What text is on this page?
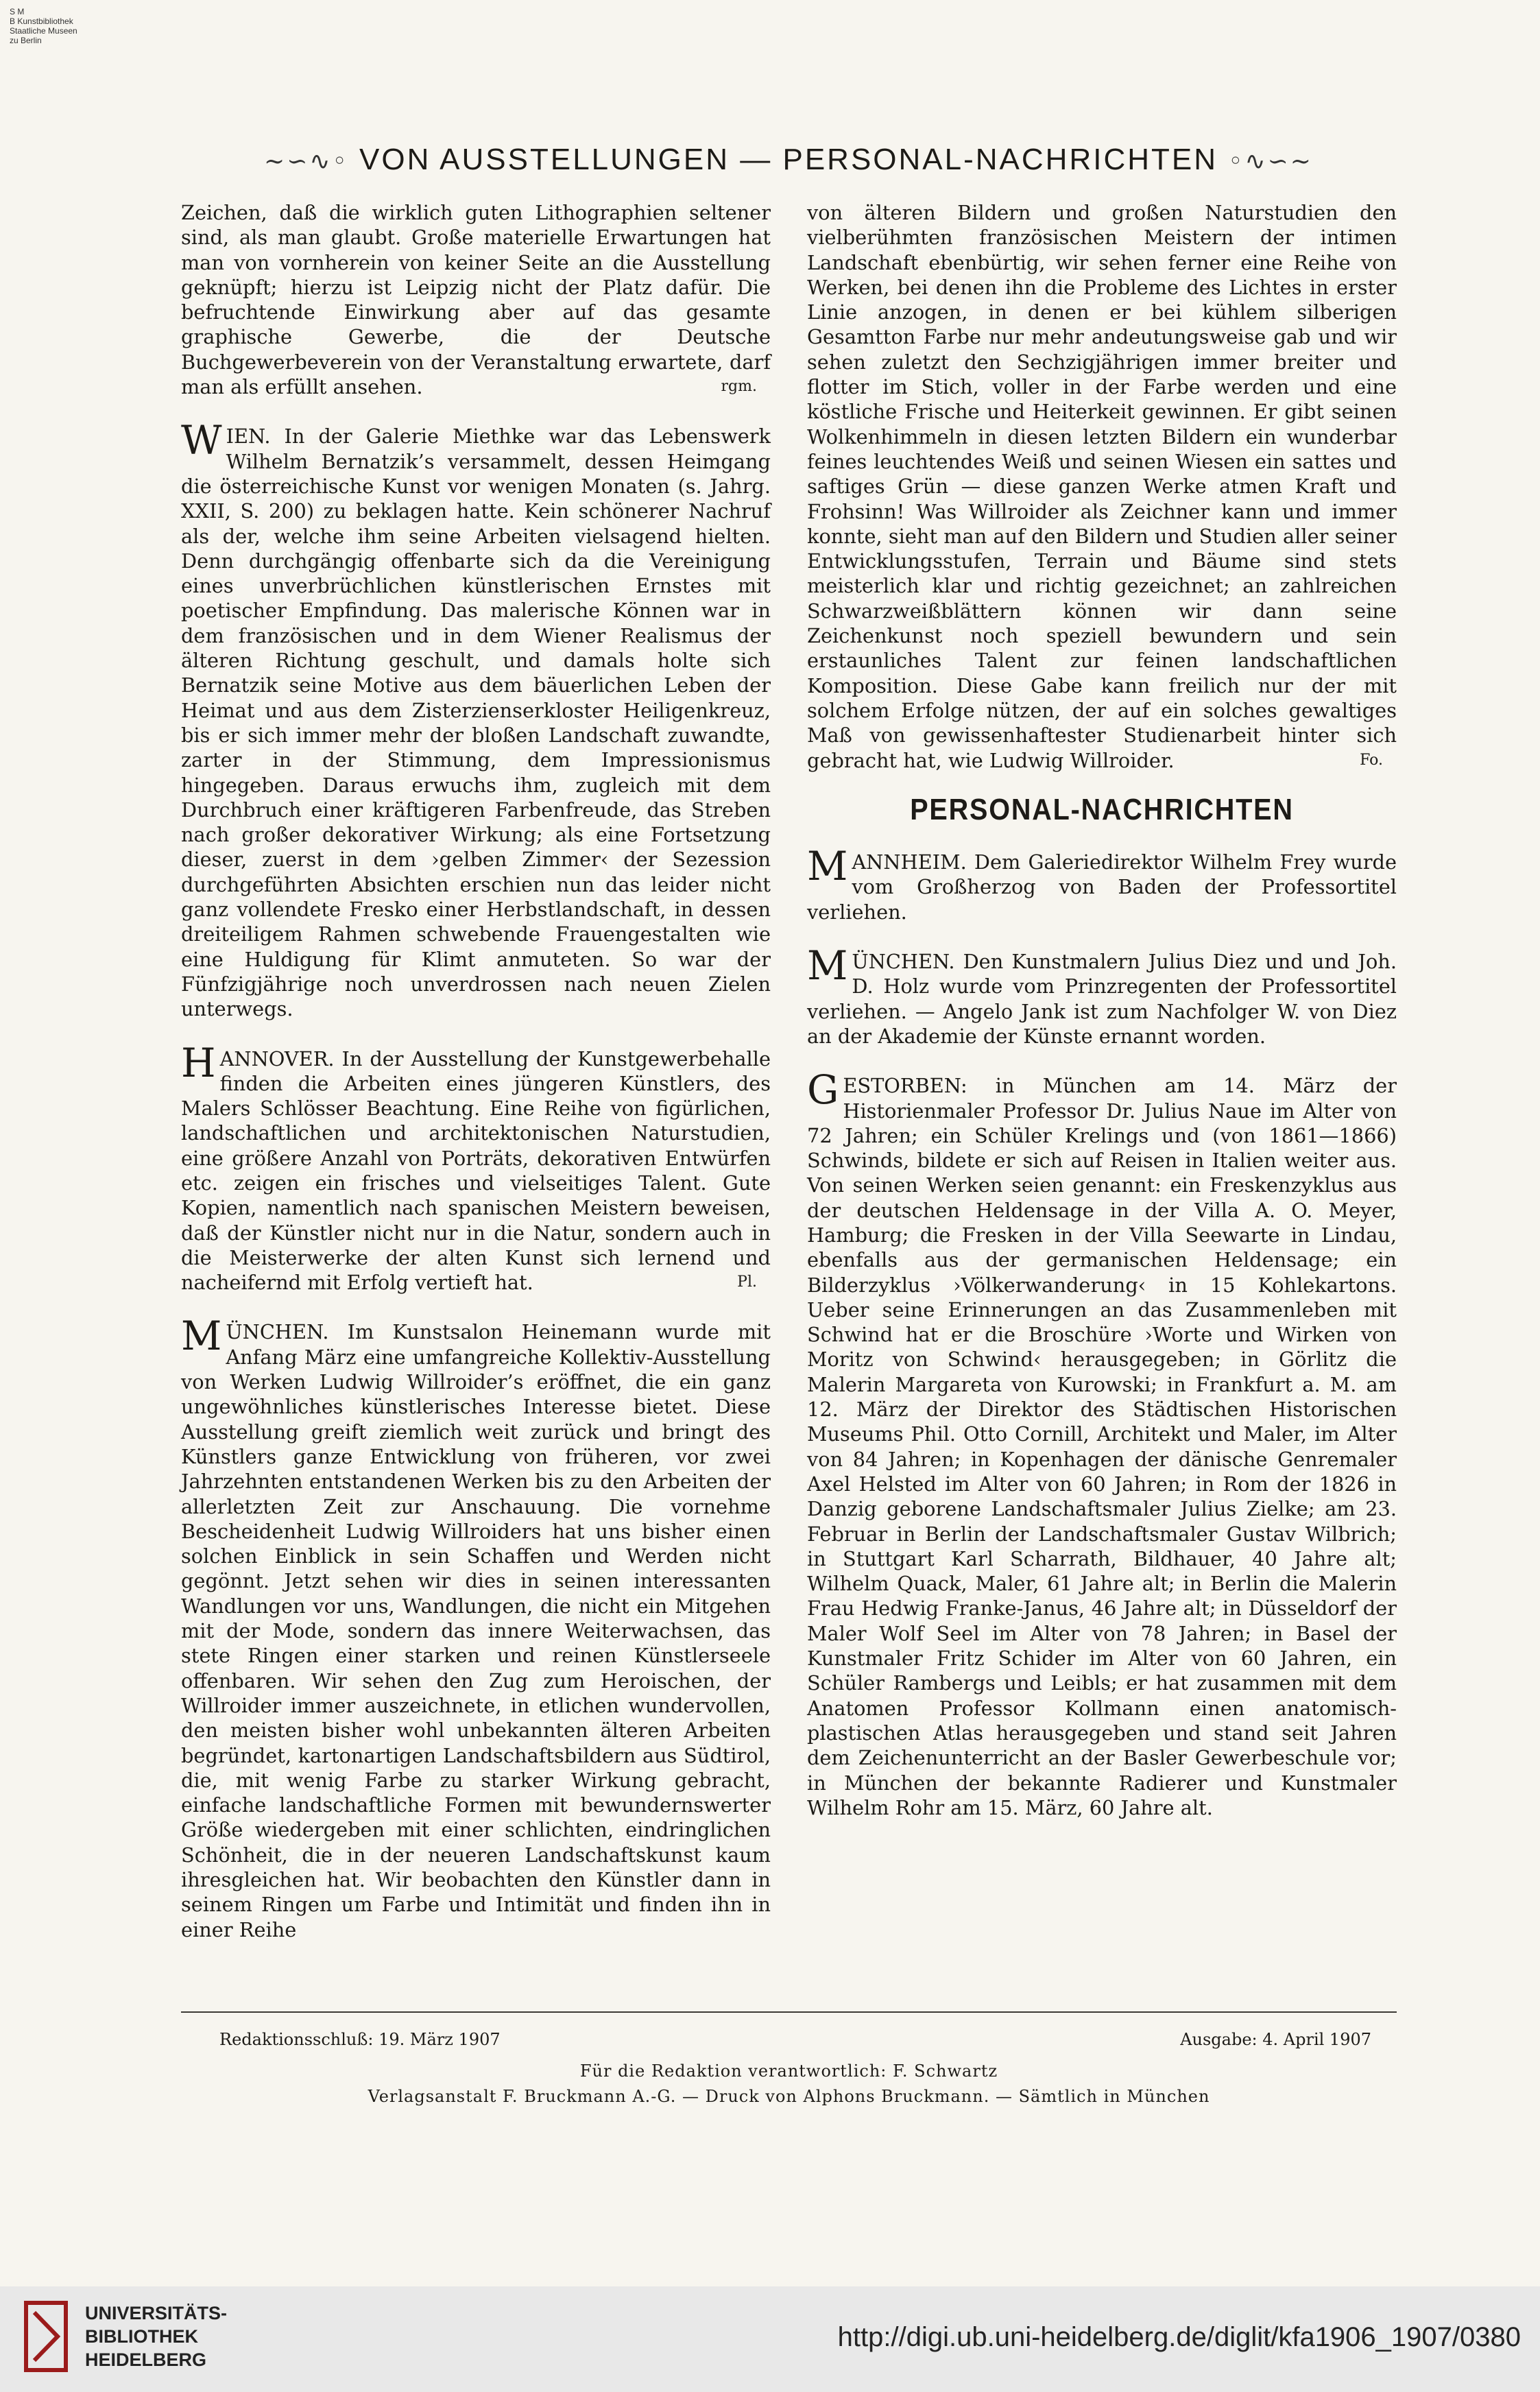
S M
B Kunstbibliothek
Staatliche Museen
zu Berlin
~∽∿◦ VON AUSSTELLUNGEN — PERSONAL-NACHRICHTEN ◦∿∽~

Zeichen, daß die wirklich guten Lithographien seltener sind, als man glaubt. Große materielle Erwartungen hat man von vornherein von keiner Seite an die Ausstellung geknüpft; hierzu ist Leipzig nicht der Platz dafür. Die befruchtende Einwirkung aber auf das gesamte graphische Gewerbe, die der Deutsche Buchgewerbeverein von der Veranstaltung erwartete, darf man als erfüllt ansehen.	rgm.

WIEN. In der Galerie Miethke war das Lebenswerk Wilhelm Bernatzik’s versammelt, dessen Heimgang die österreichische Kunst vor wenigen Monaten (s. Jahrg. XXII, S. 200) zu beklagen hatte. Kein schönerer Nachruf als der, welche ihm seine Arbeiten vielsagend hielten. Denn durchgängig offenbarte sich da die Vereinigung eines unverbrüchlichen künstlerischen Ernstes mit poetischer Empfindung. Das malerische Können war in dem französischen und in dem Wiener Realismus der älteren Richtung geschult, und damals holte sich Bernatzik seine Motive aus dem bäuerlichen Leben der Heimat und aus dem Zisterzienserkloster Heiligenkreuz, bis er sich immer mehr der bloßen Landschaft zuwandte, zarter in der Stimmung, dem Impressionismus hingegeben. Daraus erwuchs ihm, zugleich mit dem Durchbruch einer kräftigeren Farbenfreude, das Streben nach großer dekorativer Wirkung; als eine Fortsetzung dieser, zuerst in dem ›gelben Zimmer‹ der Sezession durchgeführten Absichten erschien nun das leider nicht ganz vollendete Fresko einer Herbstlandschaft, in dessen dreiteiligem Rahmen schwebende Frauengestalten wie eine Huldigung für Klimt anmuteten. So war der Fünfzigjährige noch unverdrossen nach neuen Zielen unterwegs.

HANNOVER. In der Ausstellung der Kunstgewerbehalle finden die Arbeiten eines jüngeren Künstlers, des Malers Schlösser Beachtung. Eine Reihe von figürlichen, landschaftlichen und architektonischen Naturstudien, eine größere Anzahl von Porträts, dekorativen Entwürfen etc. zeigen ein frisches und vielseitiges Talent. Gute Kopien, namentlich nach spanischen Meistern beweisen, daß der Künstler nicht nur in die Natur, sondern auch in die Meisterwerke der alten Kunst sich lernend und nacheifernd mit Erfolg vertieft hat.	Pl.

MÜNCHEN. Im Kunstsalon Heinemann wurde mit Anfang März eine umfangreiche Kollektiv-Ausstellung von Werken Ludwig Willroider’s eröffnet, die ein ganz ungewöhnliches künstlerisches Interesse bietet. Diese Ausstellung greift ziemlich weit zurück und bringt des Künstlers ganze Entwicklung von früheren, vor zwei Jahrzehnten entstandenen Werken bis zu den Arbeiten der allerletzten Zeit zur Anschauung. Die vornehme Bescheidenheit Ludwig Willroiders hat uns bisher einen solchen Einblick in sein Schaffen und Werden nicht gegönnt. Jetzt sehen wir dies in seinen interessanten Wandlungen vor uns, Wandlungen, die nicht ein Mitgehen mit der Mode, sondern das innere Weiterwachsen, das stete Ringen einer starken und reinen Künstlerseele offenbaren. Wir sehen den Zug zum Heroischen, der Willroider immer auszeichnete, in etlichen wundervollen, den meisten bisher wohl unbekannten älteren Arbeiten begründet, kartonartigen Landschaftsbildern aus Südtirol, die, mit wenig Farbe zu starker Wirkung gebracht, einfache landschaftliche Formen mit bewundernswerter Größe wiedergeben mit einer schlichten, eindringlichen Schönheit, die in der neueren Landschaftskunst kaum ihresgleichen hat. Wir beobachten den Künstler dann in seinem Ringen um Farbe und Intimität und finden ihn in einer Reihe

von älteren Bildern und großen Naturstudien den vielberühmten französischen Meistern der intimen Landschaft ebenbürtig, wir sehen ferner eine Reihe von Werken, bei denen ihn die Probleme des Lichtes in erster Linie anzogen, in denen er bei kühlem silberigen Gesamtton Farbe nur mehr andeutungsweise gab und wir sehen zuletzt den Sechzigjährigen immer breiter und flotter im Stich, voller in der Farbe werden und eine köstliche Frische und Heiterkeit gewinnen. Er gibt seinen Wolkenhimmeln in diesen letzten Bildern ein wunderbar feines leuchtendes Weiß und seinen Wiesen ein sattes und saftiges Grün — diese ganzen Werke atmen Kraft und Frohsinn! Was Willroider als Zeichner kann und immer konnte, sieht man auf den Bildern und Studien aller seiner Entwicklungsstufen, Terrain und Bäume sind stets meisterlich klar und richtig gezeichnet; an zahlreichen Schwarzweißblättern können wir dann seine Zeichenkunst noch speziell bewundern und sein erstaunliches Talent zur feinen landschaftlichen Komposition. Diese Gabe kann freilich nur der mit solchem Erfolge nützen, der auf ein solches gewaltiges Maß von gewissenhaftester Studienarbeit hinter sich gebracht hat, wie Ludwig Willroider.	Fo.

PERSONAL-NACHRICHTEN

MANNHEIM. Dem Galeriedirektor Wilhelm Frey wurde vom Großherzog von Baden der Professortitel verliehen.

MÜNCHEN. Den Kunstmalern Julius Diez und und Joh. D. Holz wurde vom Prinzregenten der Professortitel verliehen. — Angelo Jank ist zum Nachfolger W. von Diez an der Akademie der Künste ernannt worden.

GESTORBEN: in München am 14. März der Historienmaler Professor Dr. Julius Naue im Alter von 72 Jahren; ein Schüler Krelings und (von 1861—1866) Schwinds, bildete er sich auf Reisen in Italien weiter aus. Von seinen Werken seien genannt: ein Freskenzyklus aus der deutschen Heldensage in der Villa A. O. Meyer, Hamburg; die Fresken in der Villa Seewarte in Lindau, ebenfalls aus der germanischen Heldensage; ein Bilderzyklus ›Völkerwanderung‹ in 15 Kohlekartons. Ueber seine Erinnerungen an das Zusammenleben mit Schwind hat er die Broschüre ›Worte und Wirken von Moritz von Schwind‹ herausgegeben; in Görlitz die Malerin Margareta von Kurowski; in Frankfurt a. M. am 12. März der Direktor des Städtischen Historischen Museums Phil. Otto Cornill, Architekt und Maler, im Alter von 84 Jahren; in Kopenhagen der dänische Genremaler Axel Helsted im Alter von 60 Jahren; in Rom der 1826 in Danzig geborene Landschaftsmaler Julius Zielke; am 23. Februar in Berlin der Landschaftsmaler Gustav Wilbrich; in Stuttgart Karl Scharrath, Bildhauer, 40 Jahre alt; Wilhelm Quack, Maler, 61 Jahre alt; in Berlin die Malerin Frau Hedwig Franke-Janus, 46 Jahre alt; in Düsseldorf der Maler Wolf Seel im Alter von 78 Jahren; in Basel der Kunstmaler Fritz Schider im Alter von 60 Jahren, ein Schüler Rambergs und Leibls; er hat zusammen mit dem Anatomen Professor Kollmann einen anatomisch-plastischen Atlas herausgegeben und stand seit Jahren dem Zeichenunterricht an der Basler Gewerbeschule vor; in München der bekannte Radierer und Kunstmaler Wilhelm Rohr am 15. März, 60 Jahre alt.

Redaktionsschluß: 19. März 1907	Ausgabe: 4. April 1907
Für die Redaktion verantwortlich: F. Schwartz
Verlagsanstalt F. Bruckmann A.-G. — Druck von Alphons Bruckmann. — Sämtlich in München
UNIVERSITÄTS-
BIBLIOTHEK
HEIDELBERG
http://digi.ub.uni-heidelberg.de/diglit/kfa1906_1907/0380
